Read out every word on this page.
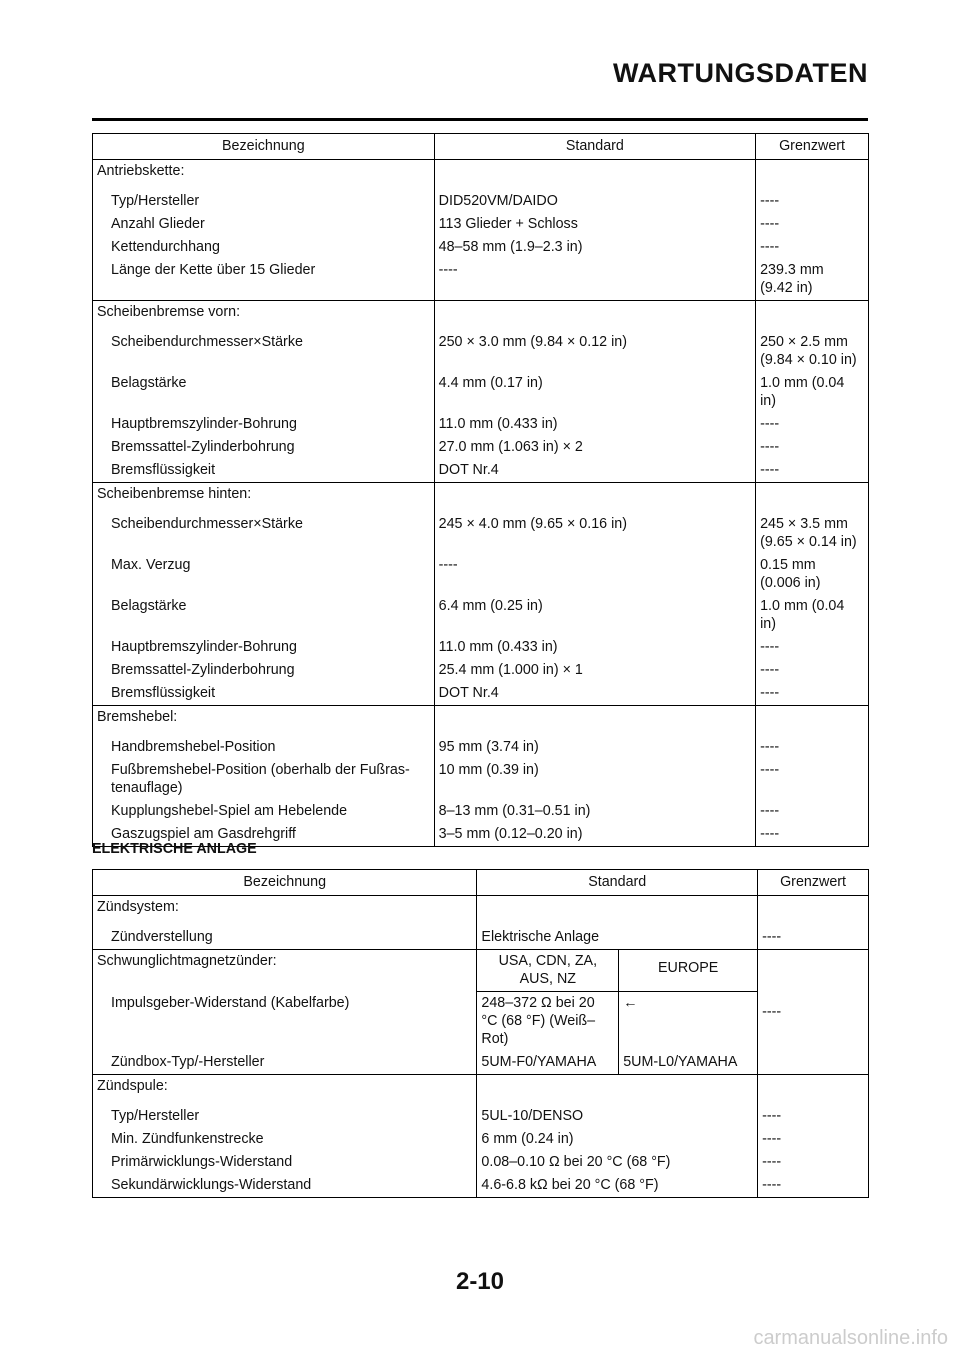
WARTUNGSDATEN
Bezeichnung	Standard	Grenzwert
Antriebskette:		
Typ/Hersteller	DID520VM/DAIDO	----
Anzahl Glieder	113 Glieder + Schloss	----
Kettendurchhang	48–58 mm (1.9–2.3 in)	----
Länge der Kette über 15 Glieder	----	239.3 mm
(9.42 in)
Scheibenbremse vorn:		
Scheibendurchmesser×Stärke	250 × 3.0 mm (9.84 × 0.12 in)	250 × 2.5 mm
(9.84 × 0.10 in)
Belagstärke	4.4 mm (0.17 in)	1.0 mm (0.04
in)
Hauptbremszylinder-Bohrung	11.0 mm (0.433 in)	----
Bremssattel-Zylinderbohrung	27.0 mm (1.063 in) × 2	----
Bremsflüssigkeit	DOT Nr.4	----
Scheibenbremse hinten:		
Scheibendurchmesser×Stärke	245 × 4.0 mm (9.65 × 0.16 in)	245 × 3.5 mm
(9.65 × 0.14 in)
Max. Verzug	----	0.15 mm
(0.006 in)
Belagstärke	6.4 mm (0.25 in)	1.0 mm (0.04
in)
Hauptbremszylinder-Bohrung	11.0 mm (0.433 in)	----
Bremssattel-Zylinderbohrung	25.4 mm (1.000 in) × 1	----
Bremsflüssigkeit	DOT Nr.4	----
Bremshebel:		
Handbremshebel-Position	95 mm (3.74 in)	----
Fußbremshebel-Position (oberhalb der Fußras-
tenauflage)	10 mm (0.39 in)	----
Kupplungshebel-Spiel am Hebelende	8–13 mm (0.31–0.51 in)	----
Gaszugspiel am Gasdrehgriff	3–5 mm (0.12–0.20 in)	----
ELEKTRISCHE ANLAGE
Bezeichnung	Standard		Grenzwert
Zündsystem:			
Zündverstellung	Elektrische Anlage		----
Schwunglichtmagnetzünder:	USA, CDN, ZA,
AUS, NZ	EUROPE	----
Impulsgeber-Widerstand (Kabelfarbe)	248–372 Ω bei 20
°C (68 °F) (Weiß–
Rot)	←	
Zündbox-Typ/-Hersteller	5UM-F0/YAMAHA	5UM-L0/YAMAHA	
Zündspule:			
Typ/Hersteller	5UL-10/DENSO		----
Min. Zündfunkenstrecke	6 mm (0.24 in)		----
Primärwicklungs-Widerstand	0.08–0.10 Ω bei 20 °C (68 °F)		----
Sekundärwicklungs-Widerstand	4.6-6.8 kΩ bei 20 °C (68 °F)		----
2-10
carmanualsonline.info
